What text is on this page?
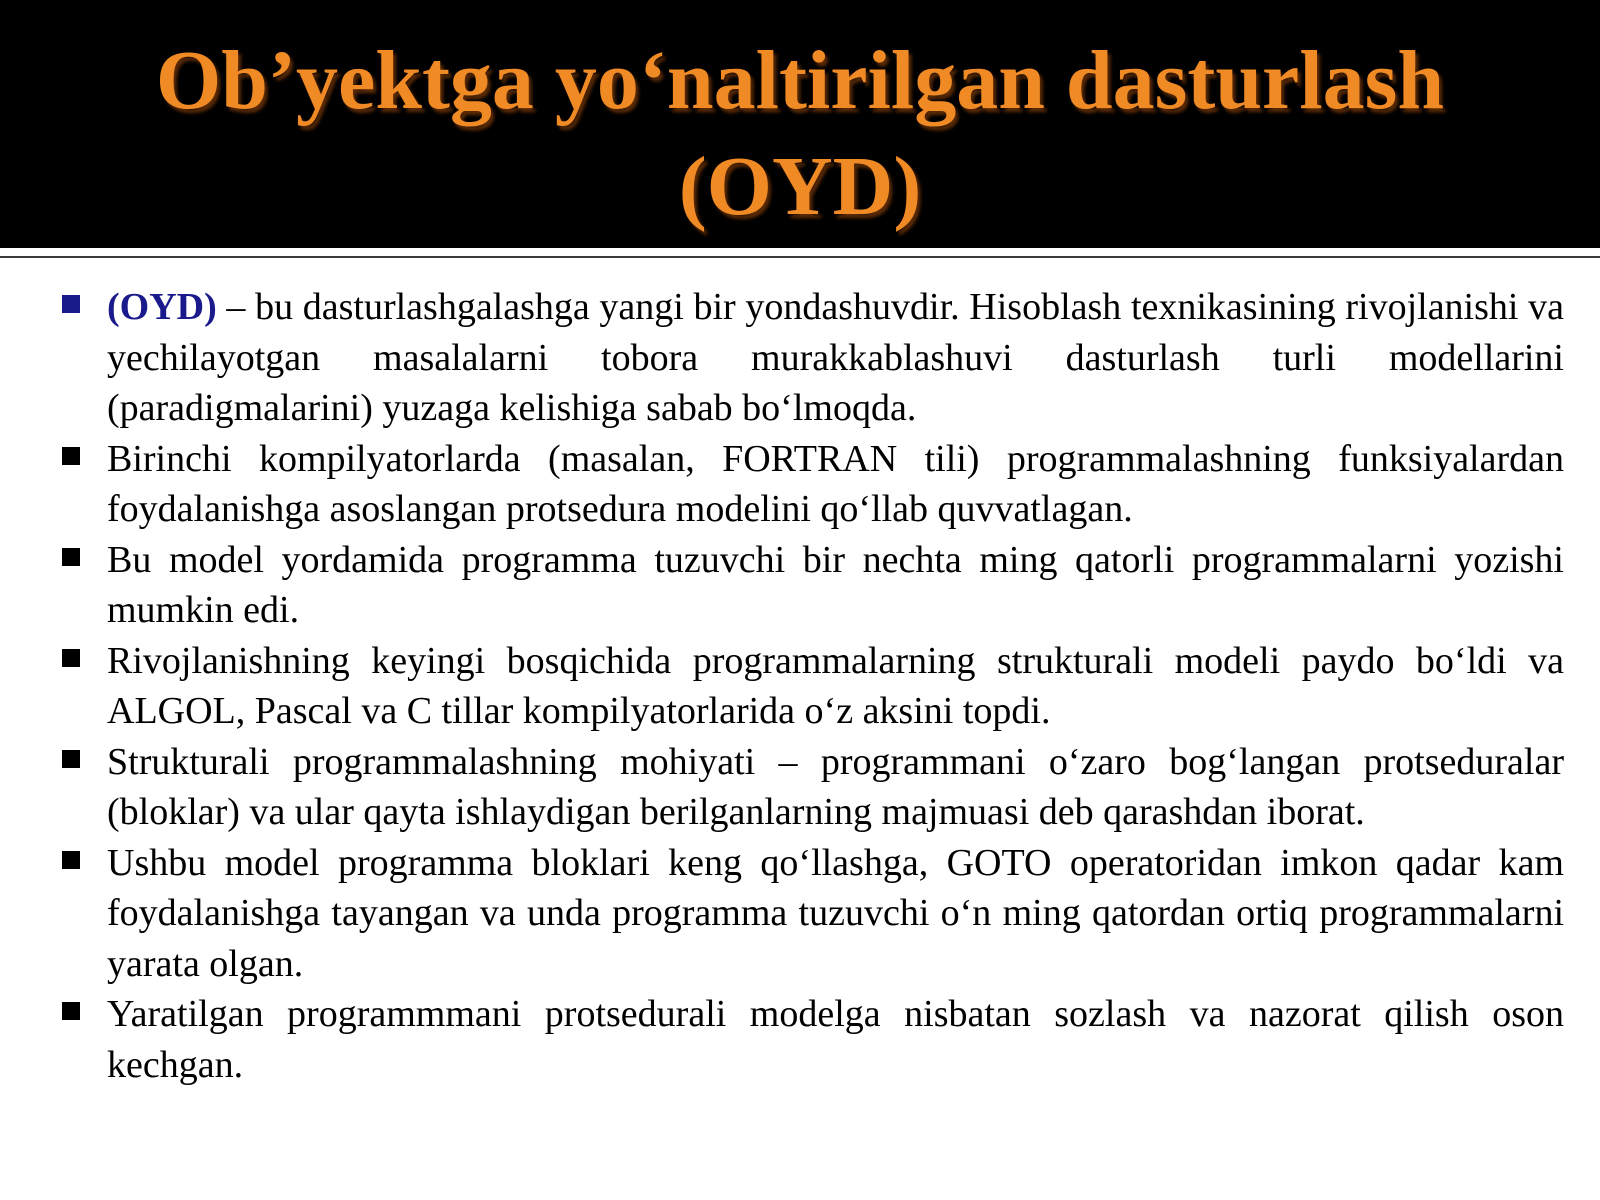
Ob’yektga yo‘naltirilgan dasturlash (OYD)
(OYD) – bu dasturlashgalashga yangi bir yondashuvdir. Hisoblash texnikasining rivojlanishi va yechilayotgan masalalarni tobora murakkablashuvi dasturlash turli modellarini (paradigmalarini) yuzaga kelishiga sabab bo‘lmoqda.
Birinchi kompilyatorlarda (masalan, FORTRAN tili) programmalashning funksiyalardan foydalanishga asoslangan protsedura modelini qo‘llab quvvatlagan.
Bu model yordamida programma tuzuvchi bir nechta ming qatorli programmalarni yozishi mumkin edi.
Rivojlanishning keyingi bosqichida programmalarning strukturali modeli paydo bo‘ldi va ALGOL, Pascal va C tillar kompilyatorlarida o‘z aksini topdi.
Strukturali programmalashning mohiyati – programmani o‘zaro bog‘langan protseduralar (bloklar) va ular qayta ishlaydigan berilganlarning majmuasi deb qarashdan iborat.
Ushbu model programma bloklari keng qo‘llashga, GOTO operatoridan imkon qadar kam foydalanishga tayangan va unda programma tuzuvchi o‘n ming qatordan ortiq programmalarni yarata olgan.
Yaratilgan programmmani protsedurali modelga nisbatan sozlash va nazorat qilish oson kechgan.
